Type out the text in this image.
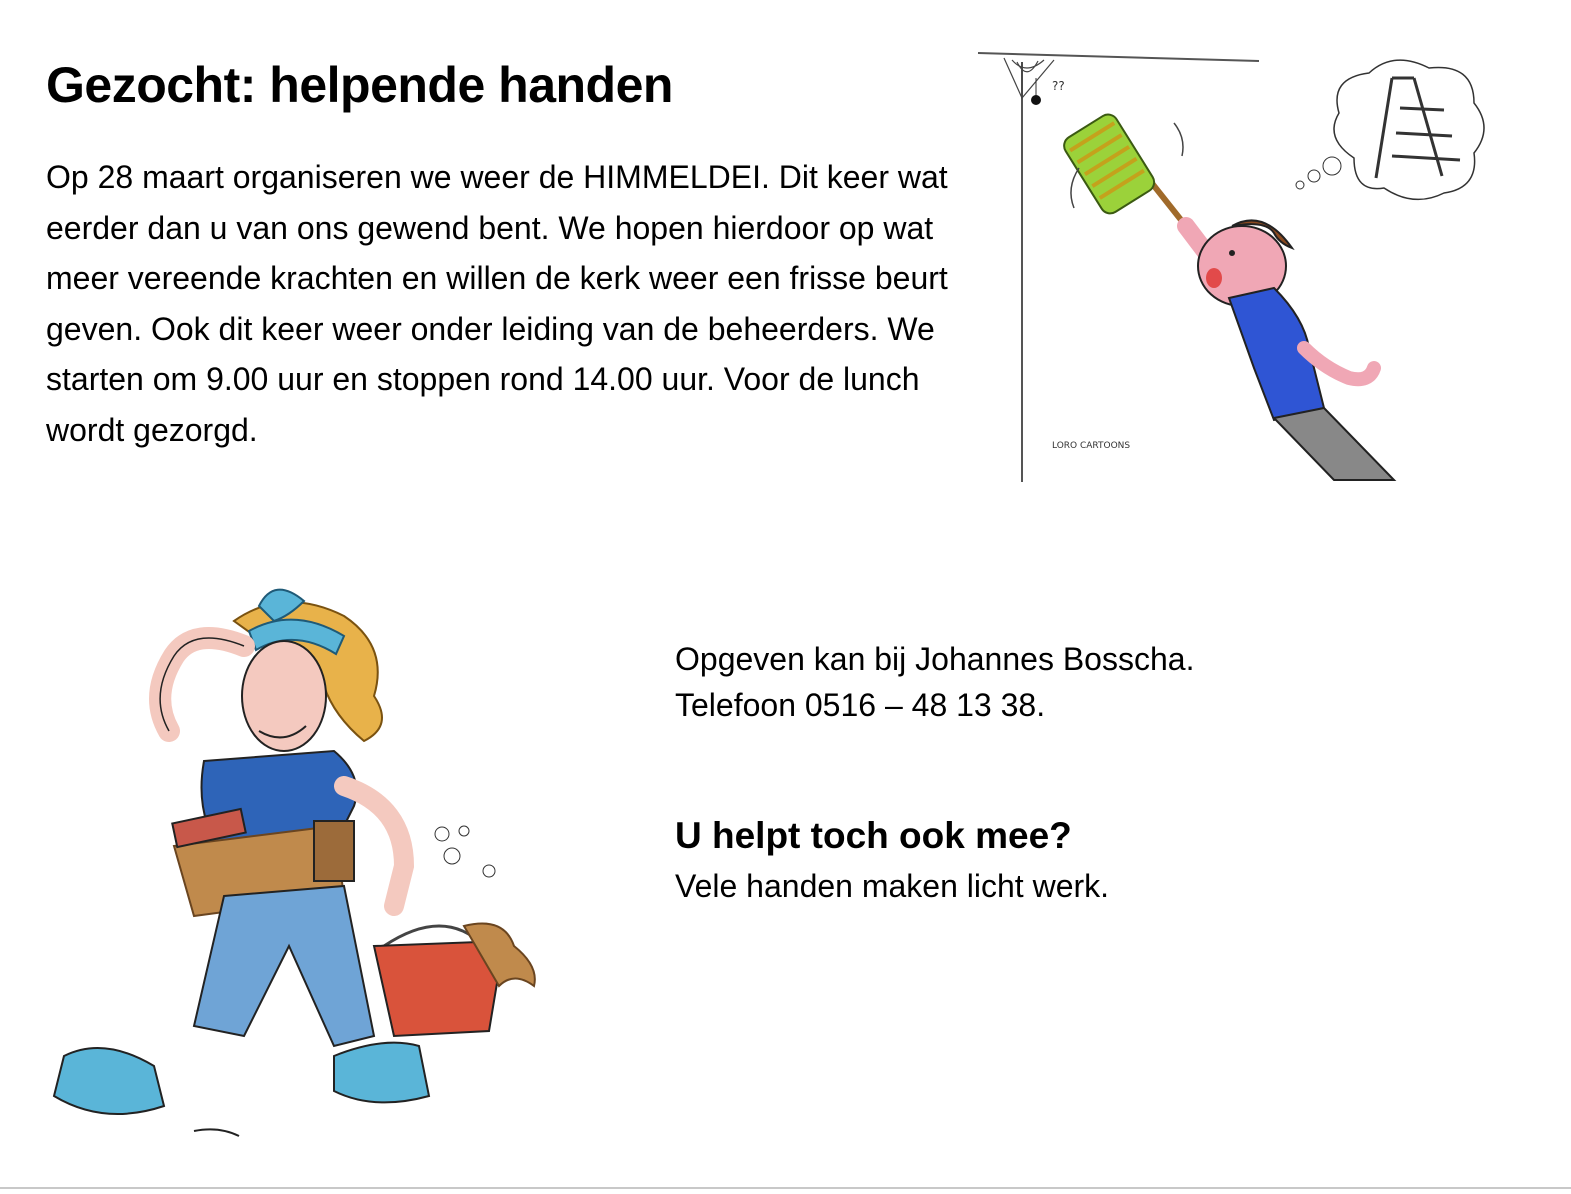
Gezocht: helpende handen

Op 28 maart organiseren we weer de HIMMELDEI. Dit keer wat eerder dan u van ons gewend bent. We hopen hierdoor op wat meer vereende krachten en willen de kerk weer een frisse beurt geven. Ook dit keer weer onder leiding van de beheerders. We starten om 9.00 uur en stoppen rond 14.00 uur. Voor de lunch wordt gezorgd.

??
LORO CARTOONS

Opgeven kan bij Johannes Bosscha.
Telefoon 0516 – 48 13 38.

U helpt toch ook mee?

Vele handen maken licht werk.
